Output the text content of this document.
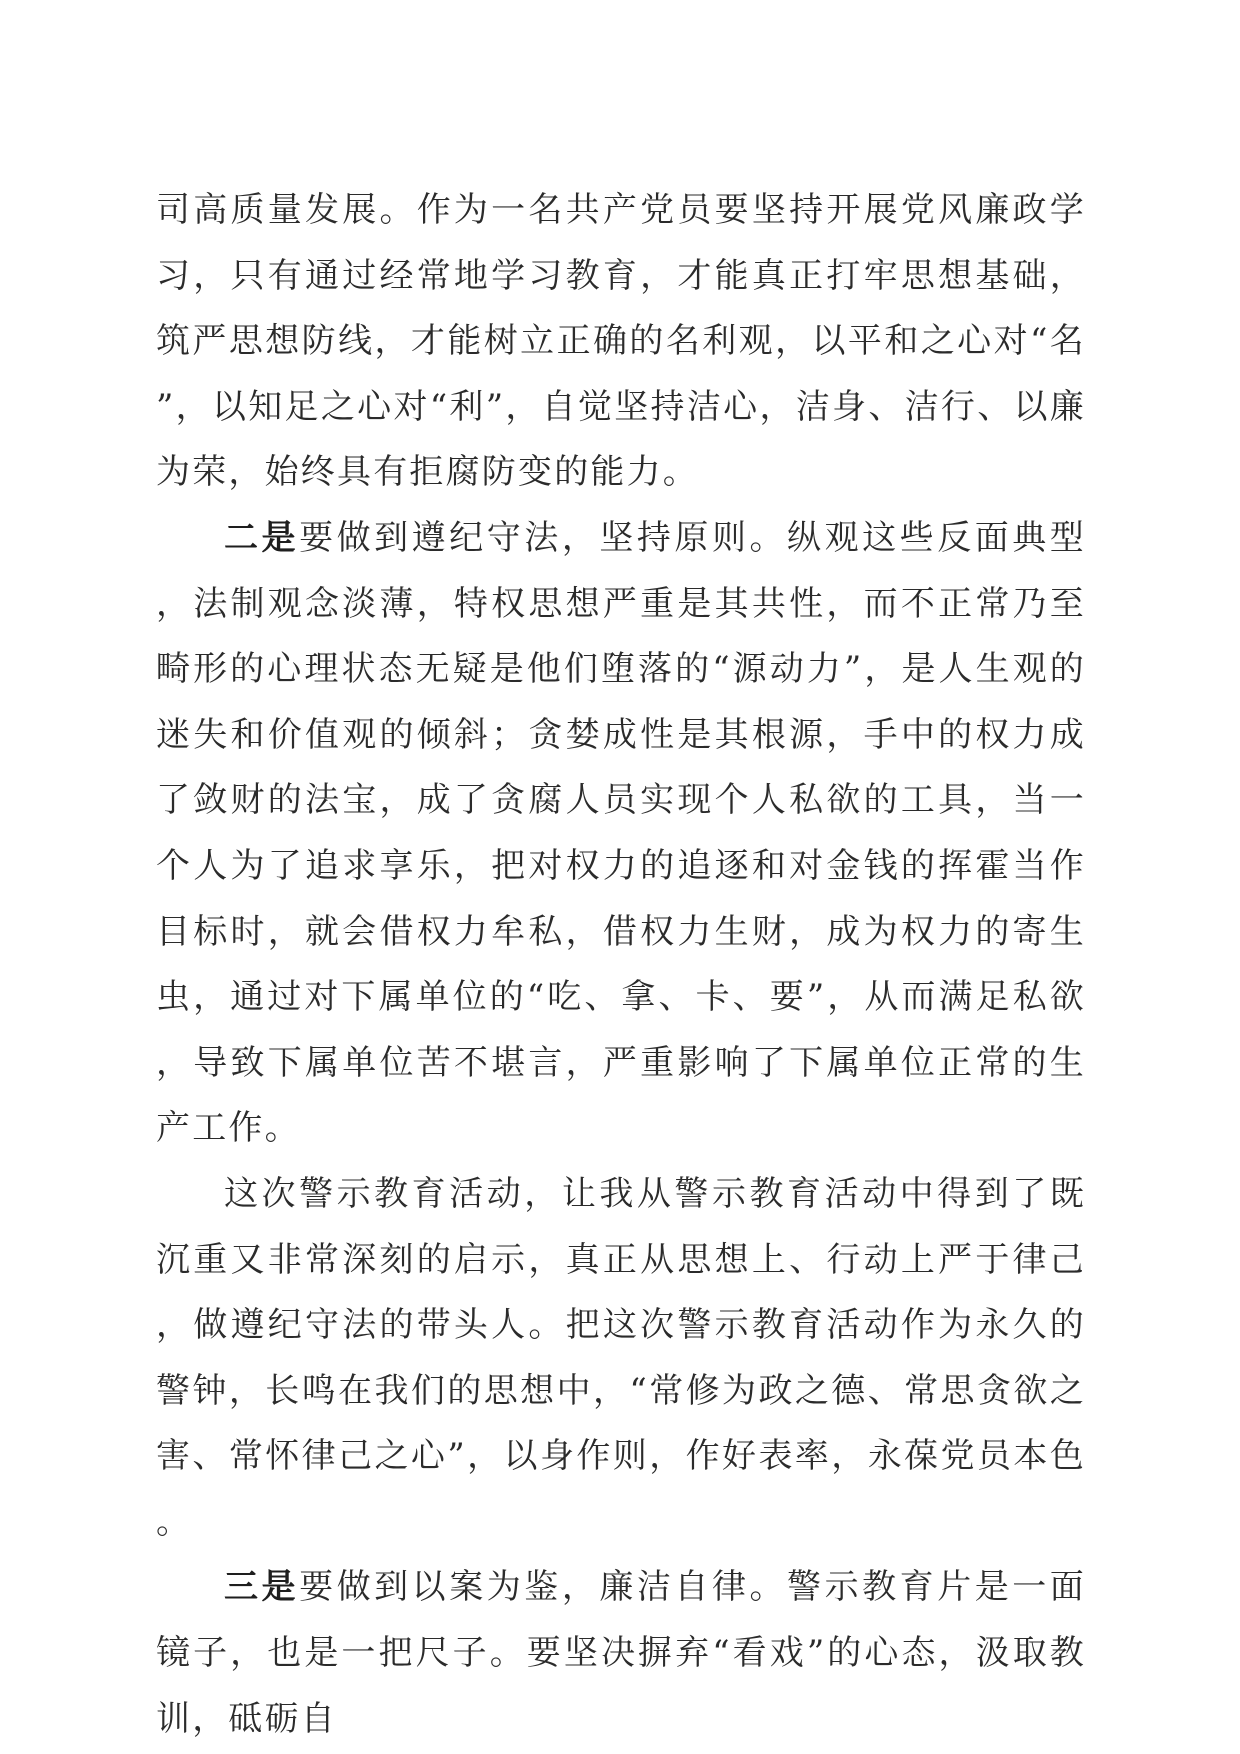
司高质量发展。作为一名共产党员要坚持开展党风廉政学习，只有通过经常地学习教育，才能真正打牢思想基础，筑严思想防线，才能树立正确的名利观，以平和之心对“名”，以知足之心对“利”，自觉坚持洁心，洁身、洁行、以廉为荣，始终具有拒腐防变的能力。

二是要做到遵纪守法，坚持原则。纵观这些反面典型，法制观念淡薄，特权思想严重是其共性，而不正常乃至畸形的心理状态无疑是他们堕落的“源动力”，是人生观的迷失和价值观的倾斜；贪婪成性是其根源，手中的权力成了敛财的法宝，成了贪腐人员实现个人私欲的工具，当一个人为了追求享乐，把对权力的追逐和对金钱的挥霍当作目标时，就会借权力牟私，借权力生财，成为权力的寄生虫，通过对下属单位的“吃、拿、卡、要”，从而满足私欲，导致下属单位苦不堪言，严重影响了下属单位正常的生产工作。

这次警示教育活动，让我从警示教育活动中得到了既沉重又非常深刻的启示，真正从思想上、行动上严于律己，做遵纪守法的带头人。把这次警示教育活动作为永久的警钟，长鸣在我们的思想中，“常修为政之德、常思贪欲之害、常怀律己之心”，以身作则，作好表率，永葆党员本色。

三是要做到以案为鉴，廉洁自律。警示教育片是一面镜子，也是一把尺子。要坚决摒弃“看戏”的心态，汲取教训，砥砺自
